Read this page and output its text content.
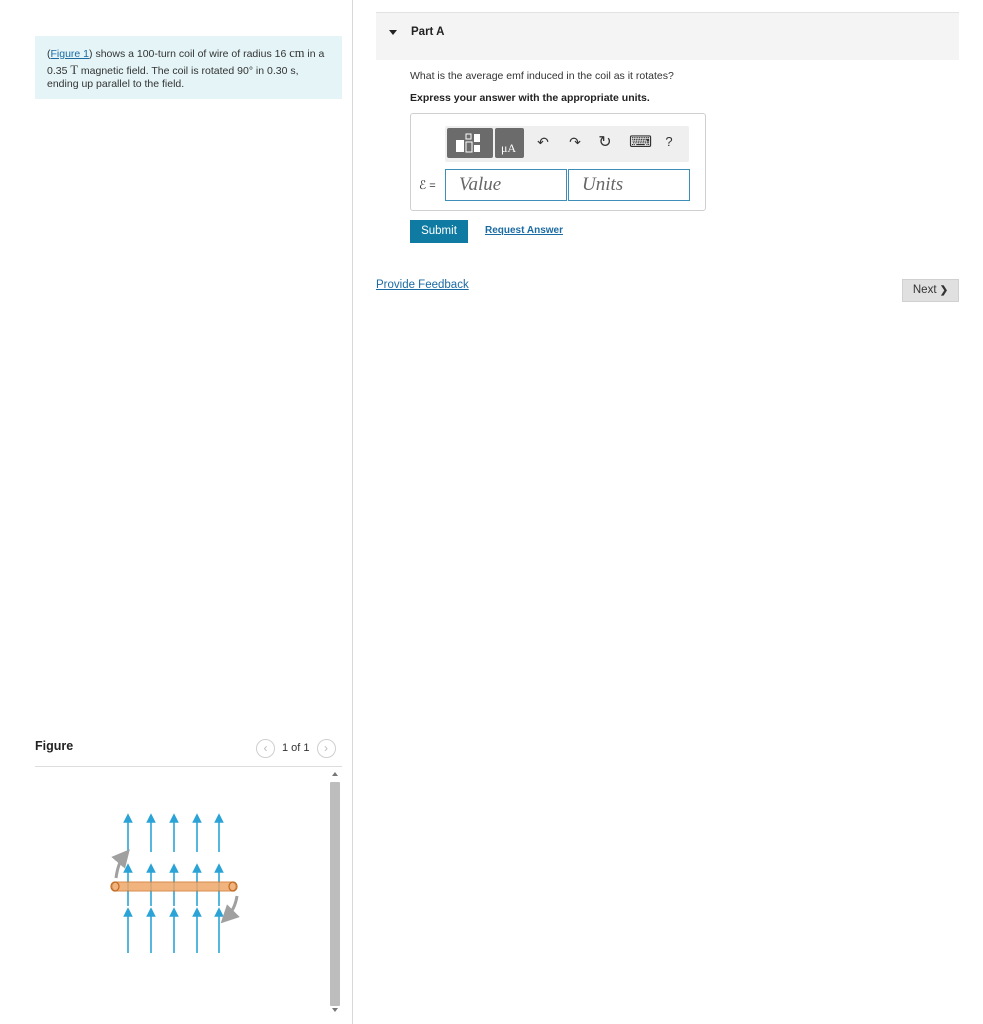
(Figure 1) shows a 100-turn coil of wire of radius 16 cm in a 0.35 T magnetic field. The coil is rotated 90° in 0.30 s, ending up parallel to the field.
Figure	‹	1 of 1	›
Part A
What is the average emf induced in the coil as it rotates?
Express your answer with the appropriate units.
μA ↶ ↷ ↻ ⌨	?
ℰ =	Value	Units
Submit	Request Answer
Provide Feedback	Next ❯
